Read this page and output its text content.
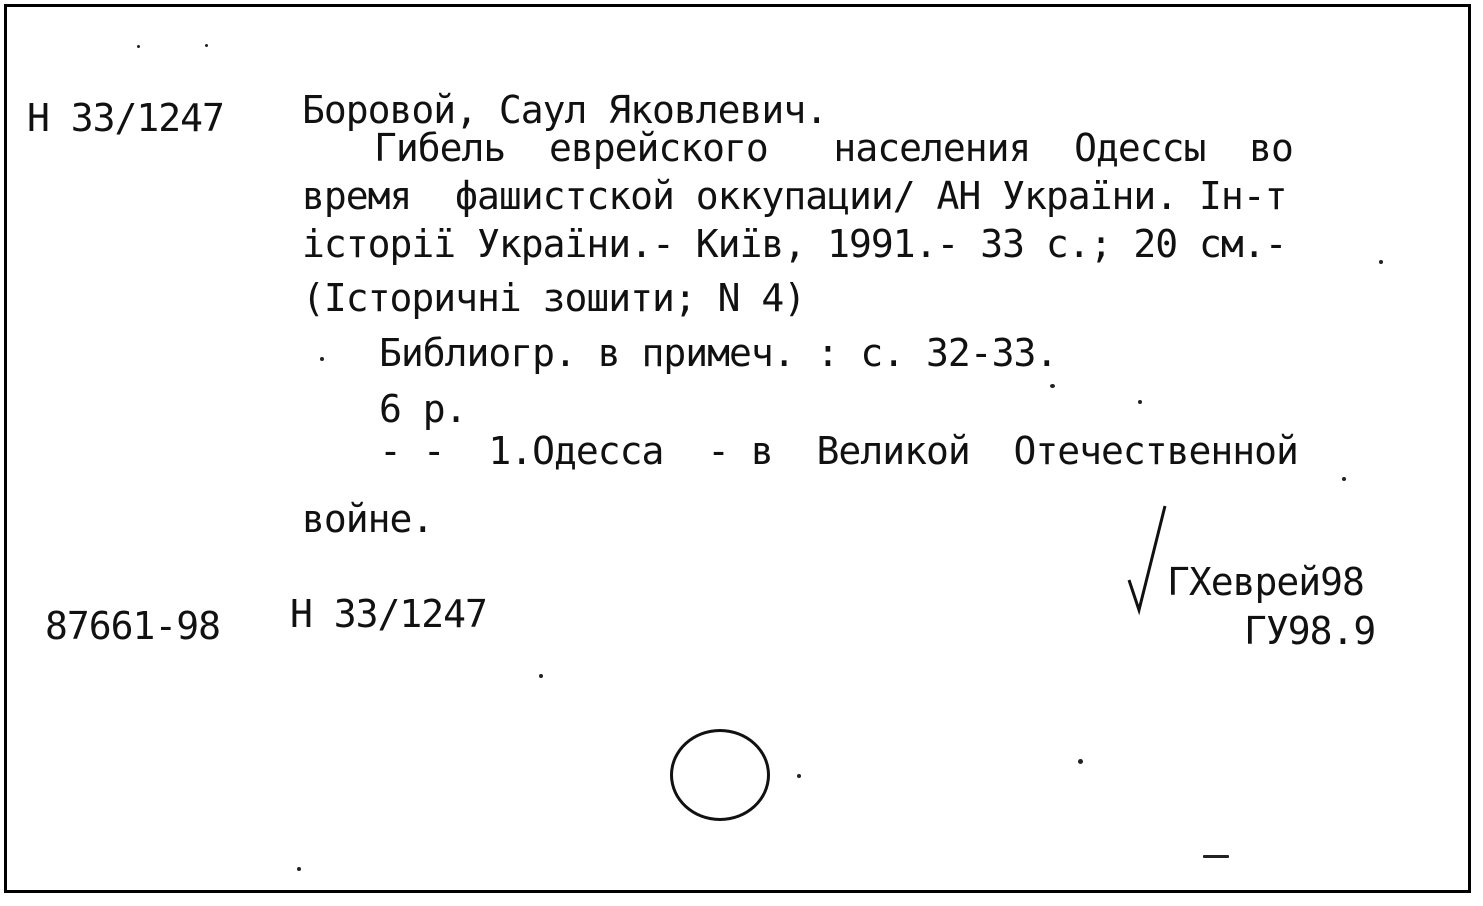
Н 33/1247 Боровой, Саул Яковлевич.
Гибель  еврейского   населения  Одессы  во
время  фашистской оккупации/ АН України. Ін-т
історії України.- Київ, 1991.- 33 с.; 20 см.-
(Історичні зошити; N 4)
Библиогр. в примеч. : с. 32-33.
6 р.
- -  1.Одесса  - в  Великой  Отечественной
войне.
87661-98 Н 33/1247
ГХеврей98
ГУ98.9
